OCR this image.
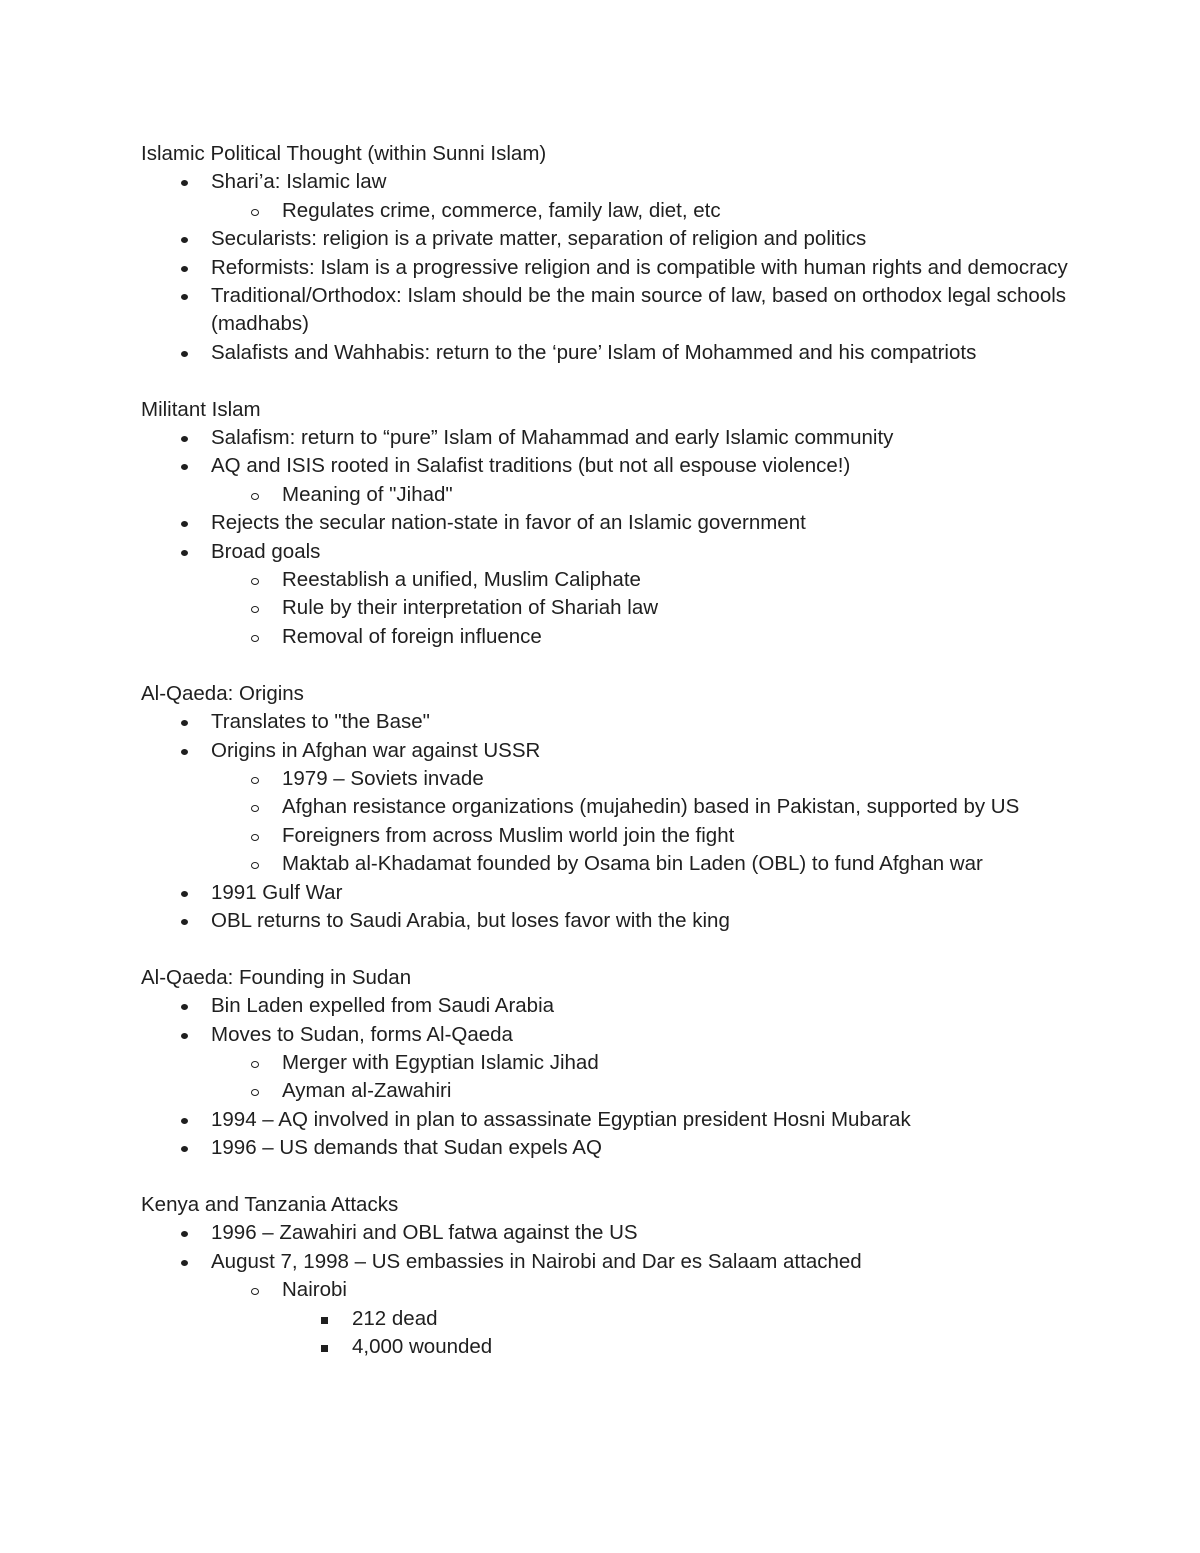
Islamic Political Thought (within Sunni Islam)

Shari’a: Islamic law
Regulates crime, commerce, family law, diet, etc
Secularists: religion is a private matter, separation of religion and politics
Reformists: Islam is a progressive religion and is compatible with human rights and democracy
Traditional/Orthodox: Islam should be the main source of law, based on orthodox legal schools (madhabs)
Salafists and Wahhabis: return to the ‘pure’ Islam of Mohammed and his compatriots

Militant Islam

Salafism: return to “pure” Islam of Mahammad and early Islamic community
AQ and ISIS rooted in Salafist traditions (but not all espouse violence!)
Meaning of "Jihad"
Rejects the secular nation-state in favor of an Islamic government
Broad goals
Reestablish a unified, Muslim Caliphate
Rule by their interpretation of Shariah law
Removal of foreign influence

Al-Qaeda: Origins

Translates to "the Base"
Origins in Afghan war against USSR
1979 – Soviets invade
Afghan resistance organizations (mujahedin) based in Pakistan, supported by US
Foreigners from across Muslim world join the fight
Maktab al-Khadamat founded by Osama bin Laden (OBL) to fund Afghan war
1991 Gulf War
OBL returns to Saudi Arabia, but loses favor with the king

Al-Qaeda: Founding in Sudan

Bin Laden expelled from Saudi Arabia
Moves to Sudan, forms Al-Qaeda
Merger with Egyptian Islamic Jihad
Ayman al-Zawahiri
1994 – AQ involved in plan to assassinate Egyptian president Hosni Mubarak
1996 – US demands that Sudan expels AQ

Kenya and Tanzania Attacks

1996 – Zawahiri and OBL fatwa against the US
August 7, 1998 – US embassies in Nairobi and Dar es Salaam attached
Nairobi
212 dead
4,000 wounded
